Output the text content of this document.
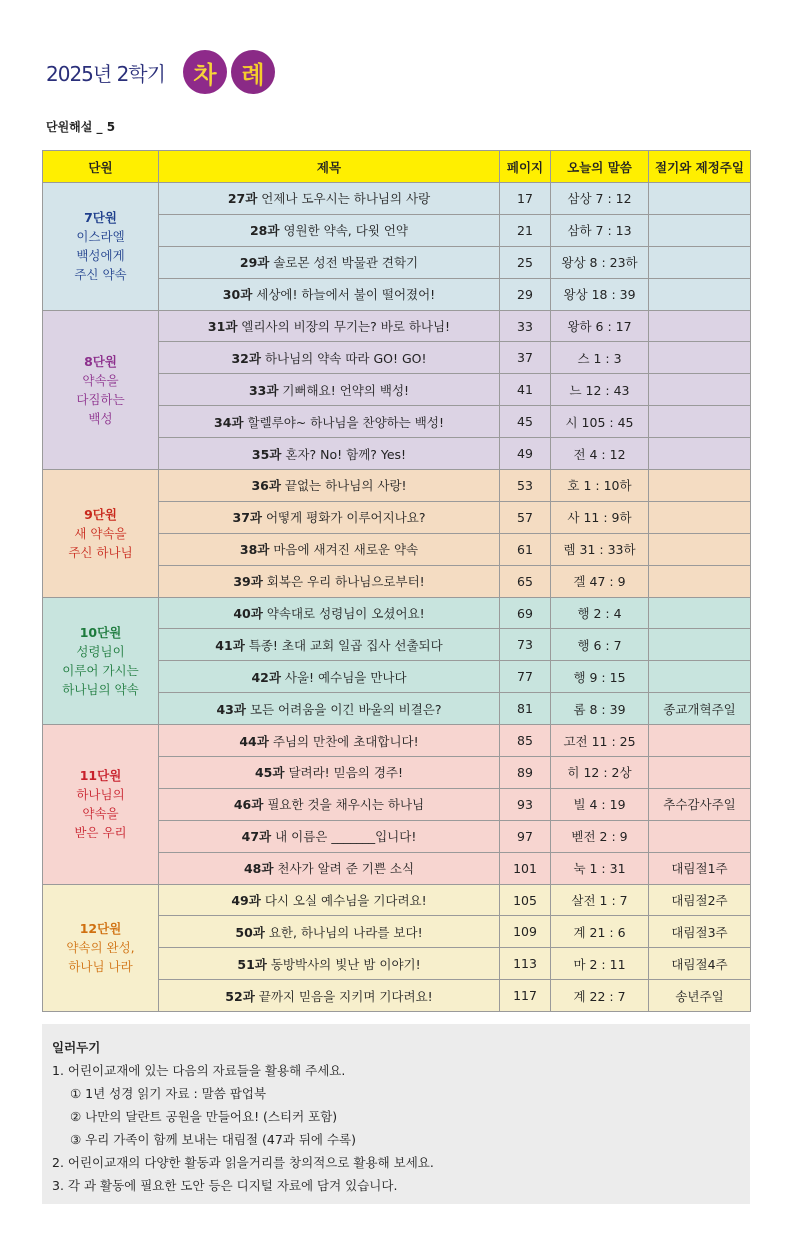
2025년 2학기	차	례
단원해설 _ 5
단원	제목	페이지	오늘의 말씀	절기와 제정주일

7단원
이스라엘
백성에게
주신 약속	27과 언제나 도우시는 하나님의 사랑	17	삼상 7 : 12	
	28과 영원한 약속, 다윗 언약	21	삼하 7 : 13	
	29과 솔로몬 성전 박물관 견학기	25	왕상 8 : 23하	
	30과 세상에! 하늘에서 불이 떨어졌어!	29	왕상 18 : 39	

8단원
약속을
다짐하는
백성	31과 엘리사의 비장의 무기는? 바로 하나님!	33	왕하 6 : 17	
	32과 하나님의 약속 따라 GO! GO!	37	스 1 : 3	
	33과 기뻐해요! 언약의 백성!	41	느 12 : 43	
	34과 할렐루야~ 하나님을 찬양하는 백성!	45	시 105 : 45	
	35과 혼자? No! 함께? Yes!	49	전 4 : 12	

9단원
새 약속을
주신 하나님	36과 끝없는 하나님의 사랑!	53	호 1 : 10하	
	37과 어떻게 평화가 이루어지나요?	57	사 11 : 9하	
	38과 마음에 새겨진 새로운 약속	61	렘 31 : 33하	
	39과 회복은 우리 하나님으로부터!	65	겔 47 : 9	

10단원
성령님이
이루어 가시는
하나님의 약속	40과 약속대로 성령님이 오셨어요!	69	행 2 : 4	
	41과 특종! 초대 교회 일곱 집사 선출되다	73	행 6 : 7	
	42과 사울! 예수님을 만나다	77	행 9 : 15	
	43과 모든 어려움을 이긴 바울의 비결은?	81	롬 8 : 39	종교개혁주일

11단원
하나님의
약속을
받은 우리	44과 주님의 만찬에 초대합니다!	85	고전 11 : 25	
	45과 달려라! 믿음의 경주!	89	히 12 : 2상	
	46과 필요한 것을 채우시는 하나님	93	빌 4 : 19	추수감사주일
	47과 내 이름은 _______입니다!	97	벧전 2 : 9	
	48과 천사가 알려 준 기쁜 소식	101	눅 1 : 31	대림절1주

12단원
약속의 완성,
하나님 나라	49과 다시 오실 예수님을 기다려요!	105	살전 1 : 7	대림절2주
	50과 요한, 하나님의 나라를 보다!	109	계 21 : 6	대림절3주
	51과 동방박사의 빛난 밤 이야기!	113	마 2 : 11	대림절4주
	52과 끝까지 믿음을 지키며 기다려요!	117	계 22 : 7	송년주일
일러두기
1. 어린이교재에 있는 다음의 자료들을 활용해 주세요.
① 1년 성경 읽기 자료 : 말씀 팝업북
② 나만의 달란트 공원을 만들어요! (스티커 포함)
③ 우리 가족이 함께 보내는 대림절 (47과 뒤에 수록)
2. 어린이교재의 다양한 활동과 읽을거리를 창의적으로 활용해 보세요.
3. 각 과 활동에 필요한 도안 등은 디지털 자료에 담겨 있습니다.
